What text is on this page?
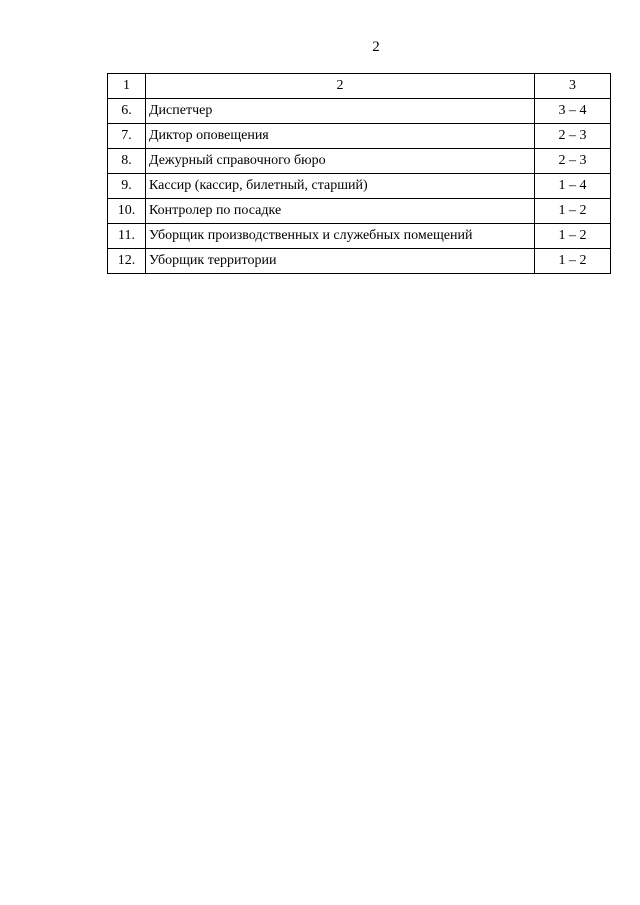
2
1	2	3
6.	Диспетчер	3 – 4
7.	Диктор оповещения	2 – 3
8.	Дежурный справочного бюро	2 – 3
9.	Кассир (кассир, билетный, старший)	1 – 4
10.	Контролер по посадке	1 – 2
11.	Уборщик производственных и служебных помещений	1 – 2
12.	Уборщик территории	1 – 2
